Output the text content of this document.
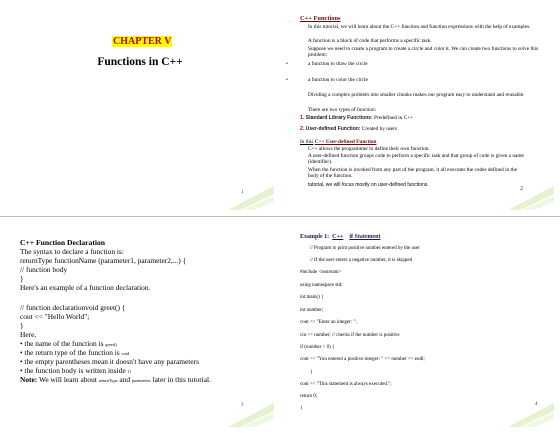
CHAPTER V
Functions in C++
1
C++ Functions
In this tutorial, we will learn about the C++ function and function expressions with the help of examples.
A function is a block of code that performs a specific task.
Suppose we need to create a program to create a circle and color it. We can create two functions to solve this problem:
•	a function to draw the circle
•	a function to color the circle
Dividing a complex problem into smaller chunks makes our program easy to understand and reusable.
There are two types of function:
1. Standard Library Functions: Predefined in C++
2. User-defined Function: Created by users
In this C++ User-defined Function
C++ allows the programmer to define their own function.
A user-defined function groups code to perform a specific task and that group of code is given a name (identifier).
When the function is invoked from any part of the program, it all executes the codes defined in the body of the function.
tutorial, we will focus mostly on user-defined functions.
2
C++ Function Declaration
The syntax to declare a function is:
returnType functionName (parameter1, parameter2,...) {
// function body
}
Here's an example of a function declaration.
// function declarationvoid greet() {
cout << "Hello World";
}
Here,
• the name of the function is greet()
• the return type of the function is void
• the empty parentheses mean it doesn't have any parameters
• the function body is written inside {}
Note: We will learn about returnType and parameters later in this tutorial.
3
Example 1: C++ if Statement
// Program to print positive number entered by the user
// If the user enters a negative number, it is skipped
#include <iostream>
using namespace std;
int main() {
int number;
cout << "Enter an integer: ";
cin >> number; // checks if the number is positive
if (number > 0) {
cout << "You entered a positive integer: " << number << endl;
}
cout << "This statement is always executed.";
return 0;
}
4
